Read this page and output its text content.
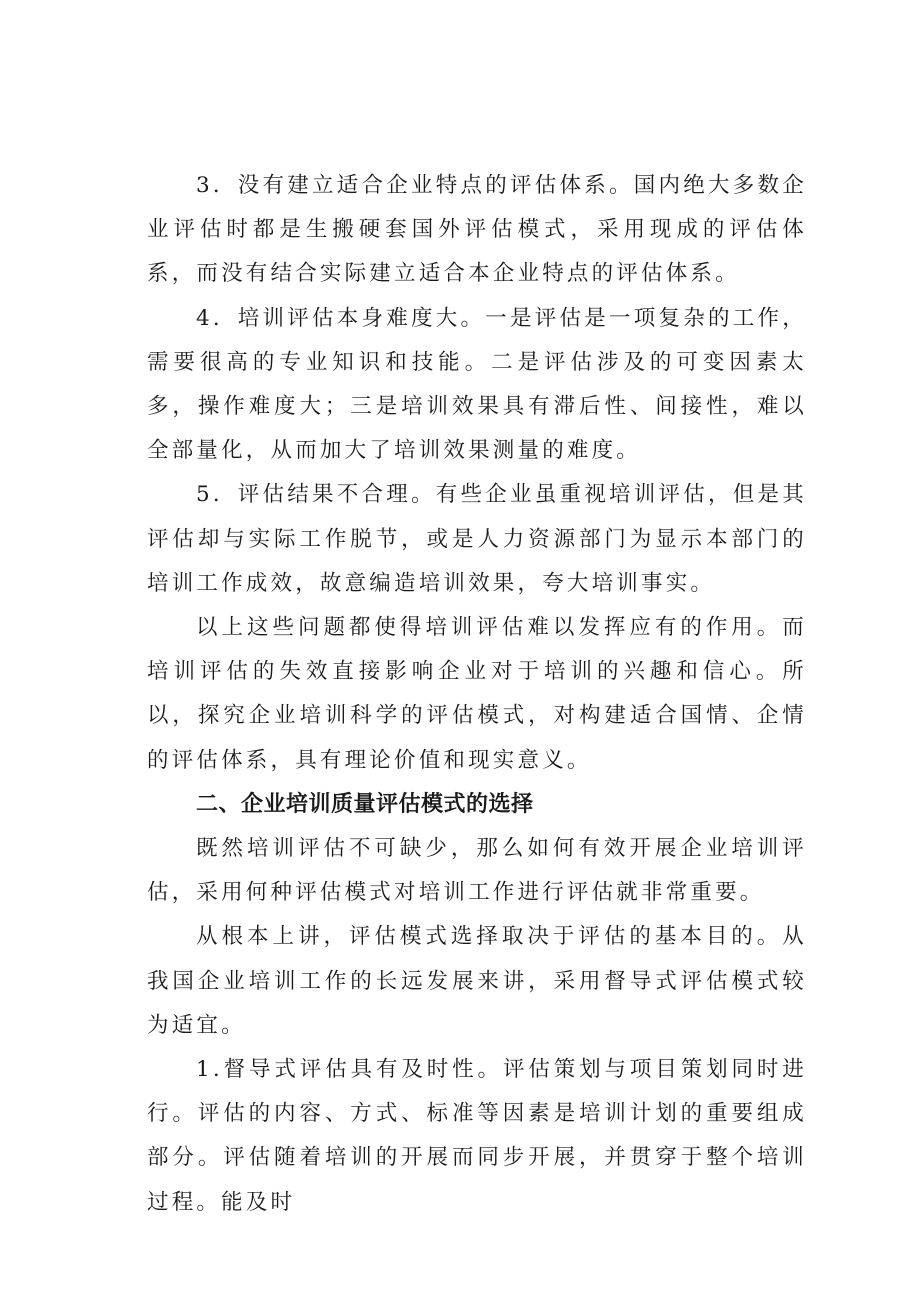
3．没有建立适合企业特点的评估体系。国内绝大多数企业评估时都是生搬硬套国外评估模式，采用现成的评估体系，而没有结合实际建立适合本企业特点的评估体系。

4．培训评估本身难度大。一是评估是一项复杂的工作，需要很高的专业知识和技能。二是评估涉及的可变因素太多，操作难度大；三是培训效果具有滞后性、间接性，难以全部量化，从而加大了培训效果测量的难度。

5．评估结果不合理。有些企业虽重视培训评估，但是其评估却与实际工作脱节，或是人力资源部门为显示本部门的培训工作成效，故意编造培训效果，夸大培训事实。

以上这些问题都使得培训评估难以发挥应有的作用。而培训评估的失效直接影响企业对于培训的兴趣和信心。所以，探究企业培训科学的评估模式，对构建适合国情、企情的评估体系，具有理论价值和现实意义。

二、企业培训质量评估模式的选择

既然培训评估不可缺少，那么如何有效开展企业培训评估，采用何种评估模式对培训工作进行评估就非常重要。

从根本上讲，评估模式选择取决于评估的基本目的。从我国企业培训工作的长远发展来讲，采用督导式评估模式较为适宜。

1.督导式评估具有及时性。评估策划与项目策划同时进行。评估的内容、方式、标准等因素是培训计划的重要组成部分。评估随着培训的开展而同步开展，并贯穿于整个培训过程。能及时
